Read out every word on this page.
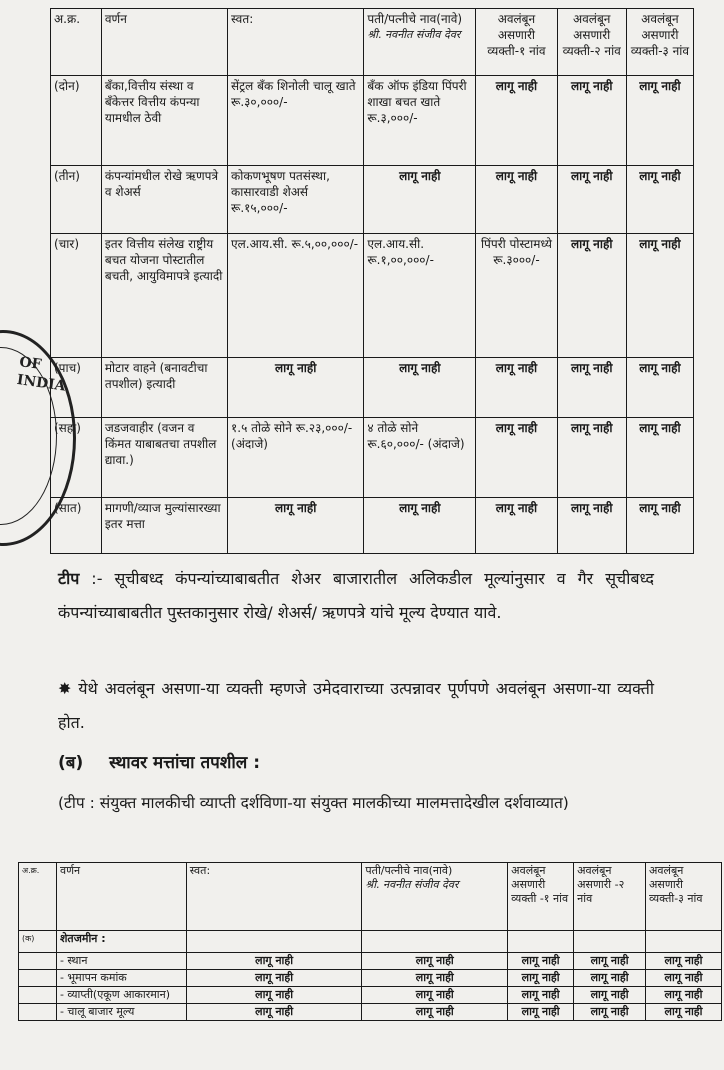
OF INDIA
अ.क्र.	वर्णन	स्वत:	पती/पत्नीचे नाव(नावे)
श्री. नवनीत संजीव देवर	अवलंबून असणारी व्यक्ती-१ नांव	अवलंबून असणारी व्यक्ती-२ नांव	अवलंबून असणारी व्यक्ती-३ नांव
(दोन)	बँका,वित्तीय संस्था व बँकेत्तर वित्तीय कंपन्या यामधील ठेवी	सेंट्रल बँक शिनोली चालू खाते रू.३०,०००/-	बँक ऑफ इंडिया पिंपरी शाखा बचत खाते रू.३,०००/-	लागू नाही	लागू नाही	लागू नाही
(तीन)	कंपन्यांमधील रोखे ऋणपत्रे व शेअर्स	कोकणभूषण पतसंस्था, कासारवाडी शेअर्स रू.१५,०००/-	लागू नाही	लागू नाही	लागू नाही	लागू नाही
(चार)	इतर वित्तीय संलेख राष्ट्रीय बचत योजना पोस्टातील बचती, आयुविमापत्रे इत्यादी	एल.आय.सी. रू.५,००,०००/-	एल.आय.सी. रू.१,००,०००/-	पिंपरी पोस्टामध्ये रू.३०००/-	लागू नाही	लागू नाही
(पाच)	मोटार वाहने (बनावटीचा तपशील) इत्यादी	लागू नाही	लागू नाही	लागू नाही	लागू नाही	लागू नाही
(सहा)	जडजवाहीर (वजन व किंमत याबाबतचा तपशील द्यावा.)	१.५ तोळे सोने रू.२३,०००/- (अंदाजे)	४ तोळे सोने रू.६०,०००/- (अंदाजे)	लागू नाही	लागू नाही	लागू नाही
(सात)	मागणी/व्याज मुल्यांसारख्या इतर मत्ता	लागू नाही	लागू नाही	लागू नाही	लागू नाही	लागू नाही
टीप :- सूचीबध्द कंपन्यांच्याबाबतीत शेअर बाजारातील अलिकडील मूल्यांनुसार व गैर सूचीबध्द कंपन्यांच्याबाबतीत पुस्तकानुसार रोखे/ शेअर्स/ ऋणपत्रे यांचे मूल्य देण्यात यावे.
✸ येथे अवलंबून असणा-या व्यक्ती म्हणजे उमेदवाराच्या उत्पन्नावर पूर्णपणे अवलंबून असणा-या व्यक्ती होत.
(ब) स्थावर मत्तांचा तपशील :
(टीप : संयुक्त मालकीची व्याप्ती दर्शविणा-या संयुक्त मालकीच्या मालमत्तादेखील दर्शवाव्यात)
अ.क्र.	वर्णन	स्वत:	पती/पत्नीचे नाव(नावे)
श्री. नवनीत संजीव देवर	अवलंबून असणारी व्यक्ती -१ नांव	अवलंबून असणारी -२ नांव	अवलंबून असणारी व्यक्ती-३ नांव
(क)	शेतजमीन :					
	- स्थान	लागू नाही	लागू नाही	लागू नाही	लागू नाही	लागू नाही
	- भूमापन कमांक	लागू नाही	लागू नाही	लागू नाही	लागू नाही	लागू नाही
	- व्याप्ती(एकूण आकारमान)	लागू नाही	लागू नाही	लागू नाही	लागू नाही	लागू नाही
	- चालू बाजार मूल्य	लागू नाही	लागू नाही	लागू नाही	लागू नाही	लागू नाही
